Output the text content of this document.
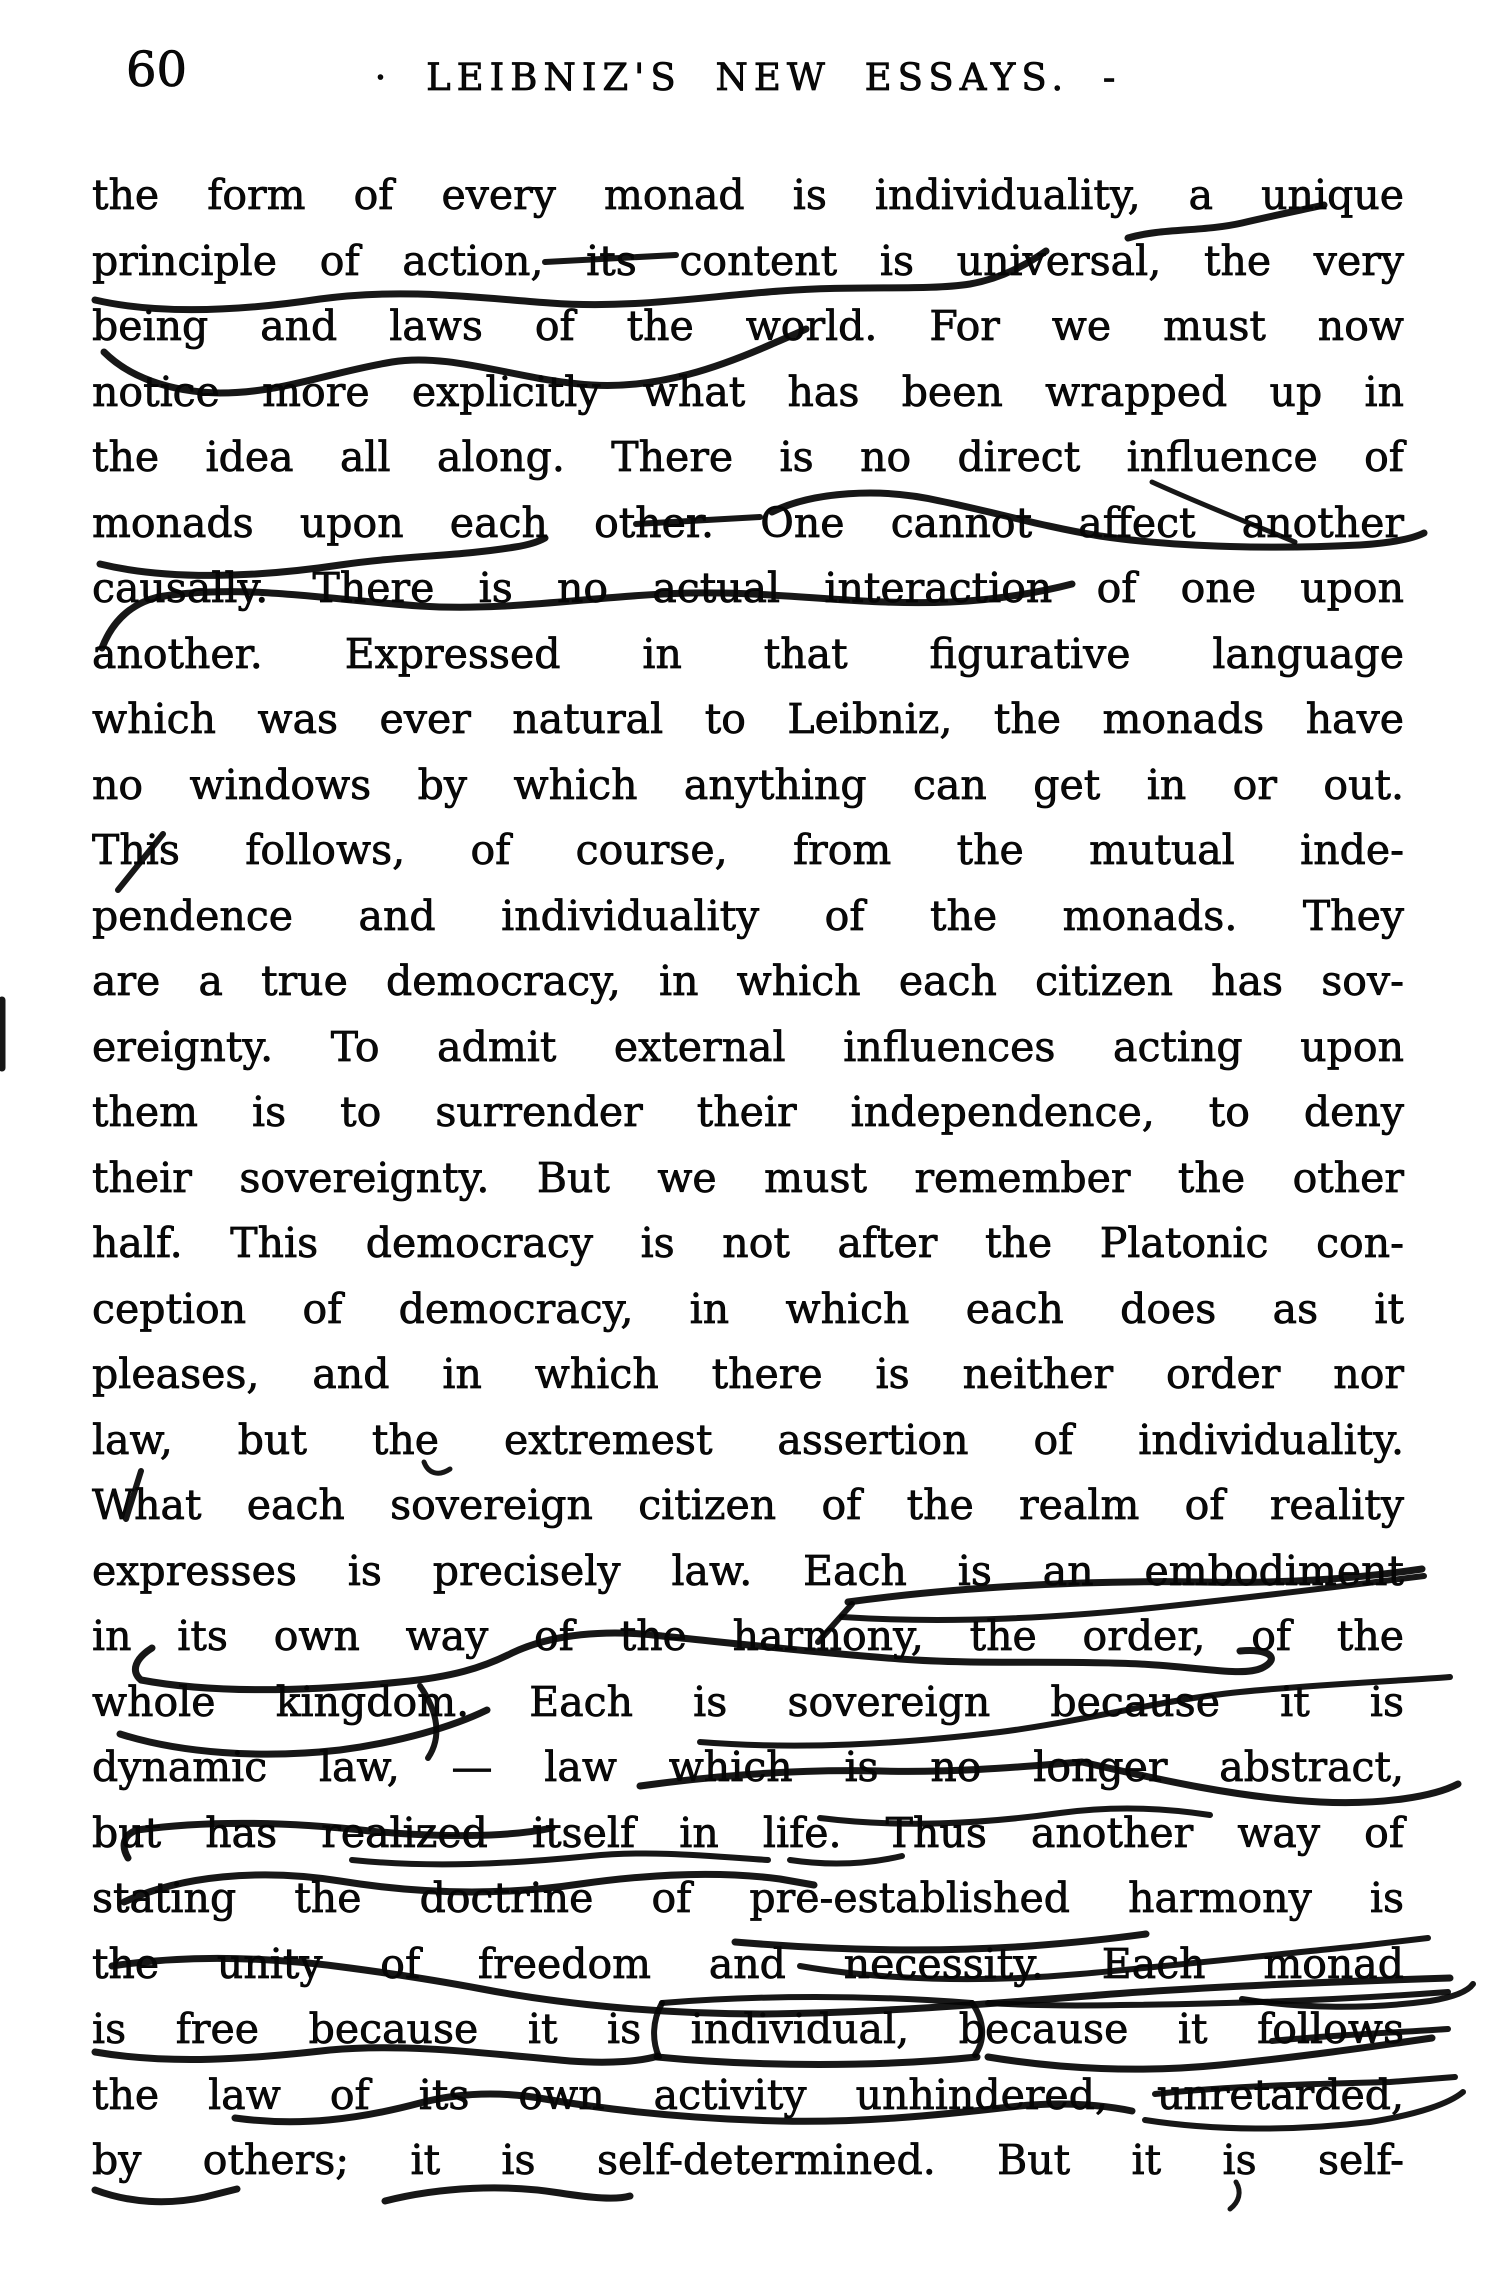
60	· LEIBNIZ'S NEW ESSAYS. -
the form of every monad is individuality, a unique
principle of action, its content is universal, the very
being and laws of the world. For we must now
notice more explicitly what has been wrapped up in
the idea all along. There is no direct influence of
monads upon each other. One cannot affect another
causally. There is no actual interaction of one upon
another. Expressed in that figurative language
which was ever natural to Leibniz, the monads have
no windows by which anything can get in or out.
This follows, of course, from the mutual inde-
pendence and individuality of the monads. They
are a true democracy, in which each citizen has sov-
ereignty. To admit external influences acting upon
them is to surrender their independence, to deny
their sovereignty. But we must remember the other
half. This democracy is not after the Platonic con-
ception of democracy, in which each does as it
pleases, and in which there is neither order nor
law, but the extremest assertion of individuality.
What each sovereign citizen of the realm of reality
expresses is precisely law. Each is an embodiment
in its own way of the harmony, the order, of the
whole kingdom. Each is sovereign because it is
dynamic law, — law which is no longer abstract,
but has realized itself in life. Thus another way of
stating the doctrine of pre-established harmony is
the unity of freedom and necessity. Each monad
is free because it is individual, because it follows
the law of its own activity unhindered, unretarded,
by others; it is self-determined. But it is self-
